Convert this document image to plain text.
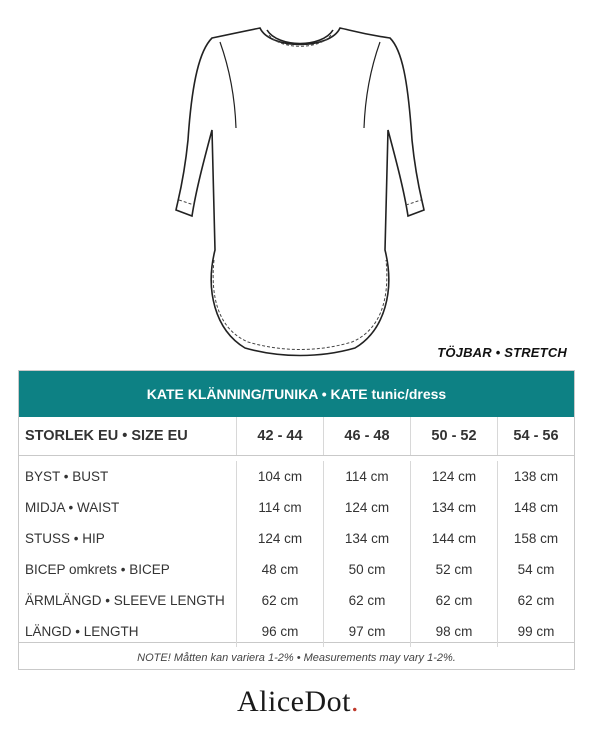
TÖJBAR • STRETCH
KATE KLÄNNING/TUNIKA • KATE tunic/dress
STORLEK EU • SIZE EU	42 - 44	46 - 48	50 - 52	54 - 56
BYST • BUST	104 cm	114 cm	124 cm	138 cm
MIDJA • WAIST	114 cm	124 cm	134 cm	148 cm
STUSS • HIP	124 cm	134 cm	144 cm	158 cm
BICEP omkrets • BICEP	48 cm	50 cm	52 cm	54 cm
ÄRMLÄNGD • SLEEVE LENGTH	62 cm	62 cm	62 cm	62 cm
LÄNGD • LENGTH	96 cm	97 cm	98 cm	99 cm
NOTE! Måtten kan variera 1-2% • Measurements may vary 1-2%.
AliceDot.
